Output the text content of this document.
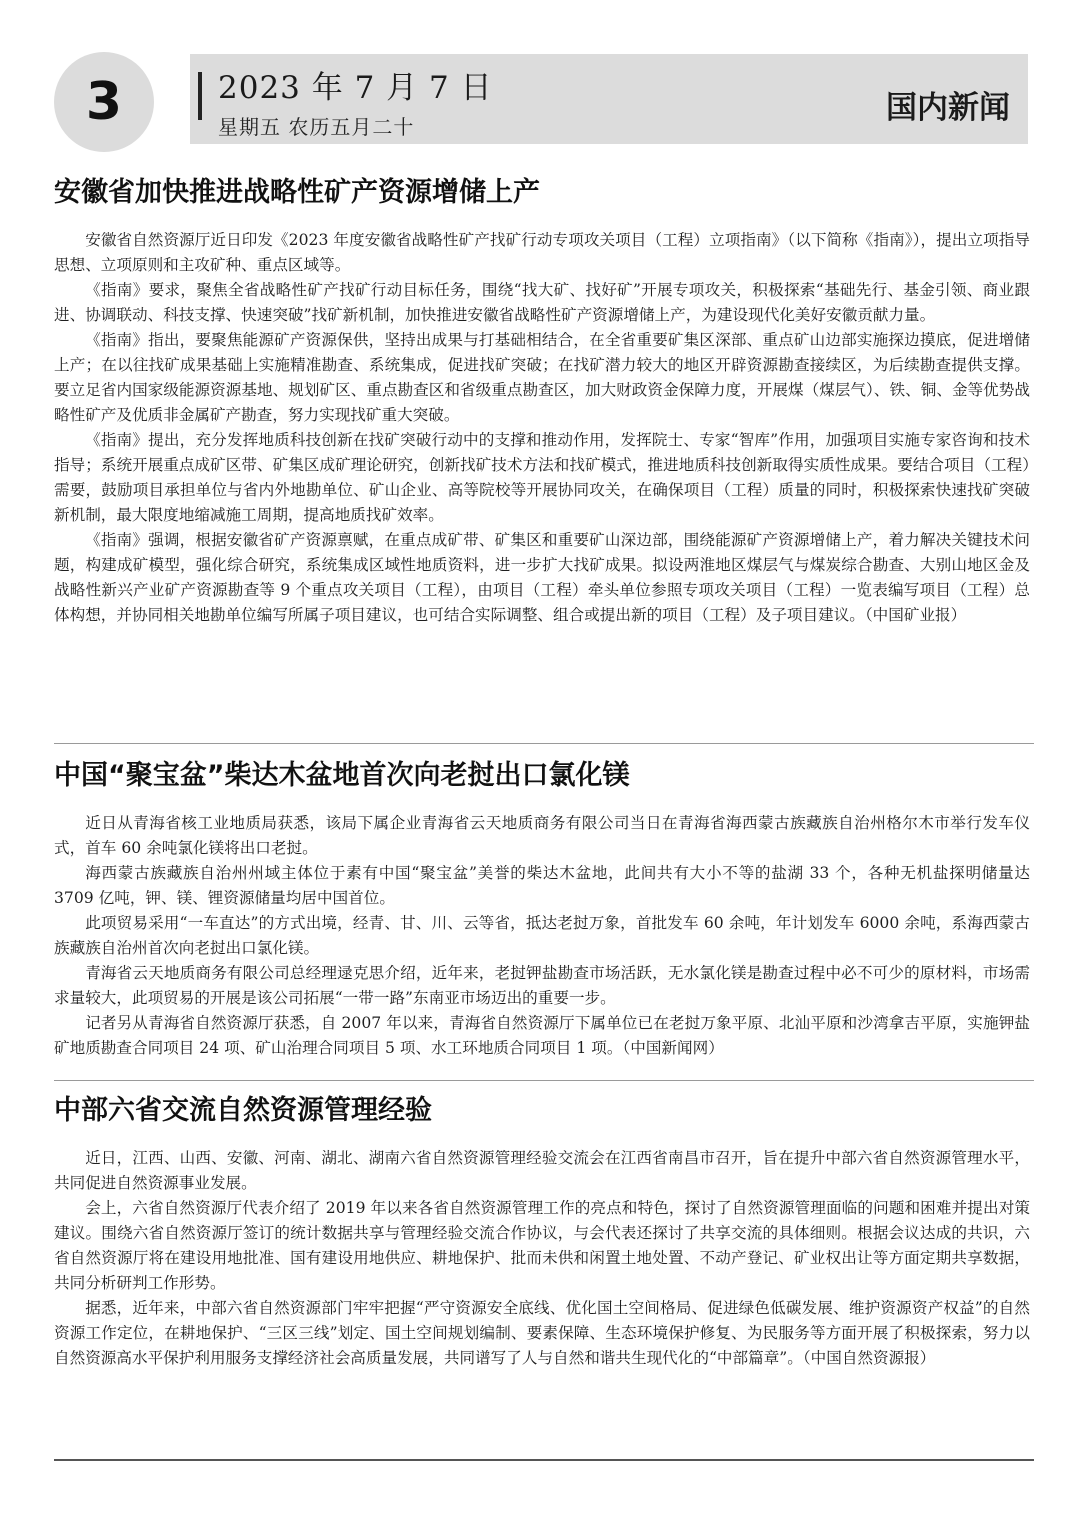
3	2023 年 7 月 7 日
星期五 农历五月二十
国内新闻
安徽省加快推进战略性矿产资源增储上产

安徽省自然资源厅近日印发《2023 年度安徽省战略性矿产找矿行动专项攻关项目（工程）立项指南》（以下简称《指南》），提出立项指导思想、立项原则和主攻矿种、重点区域等。

《指南》要求，聚焦全省战略性矿产找矿行动目标任务，围绕“找大矿、找好矿”开展专项攻关，积极探索“基础先行、基金引领、商业跟进、协调联动、科技支撑、快速突破”找矿新机制，加快推进安徽省战略性矿产资源增储上产，为建设现代化美好安徽贡献力量。

《指南》指出，要聚焦能源矿产资源保供，坚持出成果与打基础相结合，在全省重要矿集区深部、重点矿山边部实施探边摸底，促进增储上产；在以往找矿成果基础上实施精准勘查、系统集成，促进找矿突破；在找矿潜力较大的地区开辟资源勘查接续区，为后续勘查提供支撑。要立足省内国家级能源资源基地、规划矿区、重点勘查区和省级重点勘查区，加大财政资金保障力度，开展煤（煤层气）、铁、铜、金等优势战略性矿产及优质非金属矿产勘查，努力实现找矿重大突破。

《指南》提出，充分发挥地质科技创新在找矿突破行动中的支撑和推动作用，发挥院士、专家“智库”作用，加强项目实施专家咨询和技术指导；系统开展重点成矿区带、矿集区成矿理论研究，创新找矿技术方法和找矿模式，推进地质科技创新取得实质性成果。要结合项目（工程）需要，鼓励项目承担单位与省内外地勘单位、矿山企业、高等院校等开展协同攻关，在确保项目（工程）质量的同时，积极探索快速找矿突破新机制，最大限度地缩减施工周期，提高地质找矿效率。

《指南》强调，根据安徽省矿产资源禀赋，在重点成矿带、矿集区和重要矿山深边部，围绕能源矿产资源增储上产，着力解决关键技术问题，构建成矿模型，强化综合研究，系统集成区域性地质资料，进一步扩大找矿成果。拟设两淮地区煤层气与煤炭综合勘查、大别山地区金及战略性新兴产业矿产资源勘查等 9 个重点攻关项目（工程），由项目（工程）牵头单位参照专项攻关项目（工程）一览表编写项目（工程）总体构想，并协同相关地勘单位编写所属子项目建议，也可结合实际调整、组合或提出新的项目（工程）及子项目建议。（中国矿业报）

中国“聚宝盆”柴达木盆地首次向老挝出口氯化镁

近日从青海省核工业地质局获悉，该局下属企业青海省云天地质商务有限公司当日在青海省海西蒙古族藏族自治州格尔木市举行发车仪式，首车 60 余吨氯化镁将出口老挝。

海西蒙古族藏族自治州州域主体位于素有中国“聚宝盆”美誉的柴达木盆地，此间共有大小不等的盐湖 33 个，各种无机盐探明储量达 3709 亿吨，钾、镁、锂资源储量均居中国首位。

此项贸易采用“一车直达”的方式出境，经青、甘、川、云等省，抵达老挝万象，首批发车 60 余吨，年计划发车 6000 余吨，系海西蒙古族藏族自治州首次向老挝出口氯化镁。

青海省云天地质商务有限公司总经理逯克思介绍，近年来，老挝钾盐勘查市场活跃，无水氯化镁是勘查过程中必不可少的原材料，市场需求量较大，此项贸易的开展是该公司拓展“一带一路”东南亚市场迈出的重要一步。

记者另从青海省自然资源厅获悉，自 2007 年以来，青海省自然资源厅下属单位已在老挝万象平原、北汕平原和沙湾拿吉平原，实施钾盐矿地质勘查合同项目 24 项、矿山治理合同项目 5 项、水工环地质合同项目 1 项。（中国新闻网）

中部六省交流自然资源管理经验

近日，江西、山西、安徽、河南、湖北、湖南六省自然资源管理经验交流会在江西省南昌市召开，旨在提升中部六省自然资源管理水平，共同促进自然资源事业发展。

会上，六省自然资源厅代表介绍了 2019 年以来各省自然资源管理工作的亮点和特色，探讨了自然资源管理面临的问题和困难并提出对策建议。围绕六省自然资源厅签订的统计数据共享与管理经验交流合作协议，与会代表还探讨了共享交流的具体细则。根据会议达成的共识，六省自然资源厅将在建设用地批准、国有建设用地供应、耕地保护、批而未供和闲置土地处置、不动产登记、矿业权出让等方面定期共享数据，共同分析研判工作形势。

据悉，近年来，中部六省自然资源部门牢牢把握“严守资源安全底线、优化国土空间格局、促进绿色低碳发展、维护资源资产权益”的自然资源工作定位，在耕地保护、“三区三线”划定、国土空间规划编制、要素保障、生态环境保护修复、为民服务等方面开展了积极探索，努力以自然资源高水平保护利用服务支撑经济社会高质量发展，共同谱写了人与自然和谐共生现代化的“中部篇章”。（中国自然资源报）
